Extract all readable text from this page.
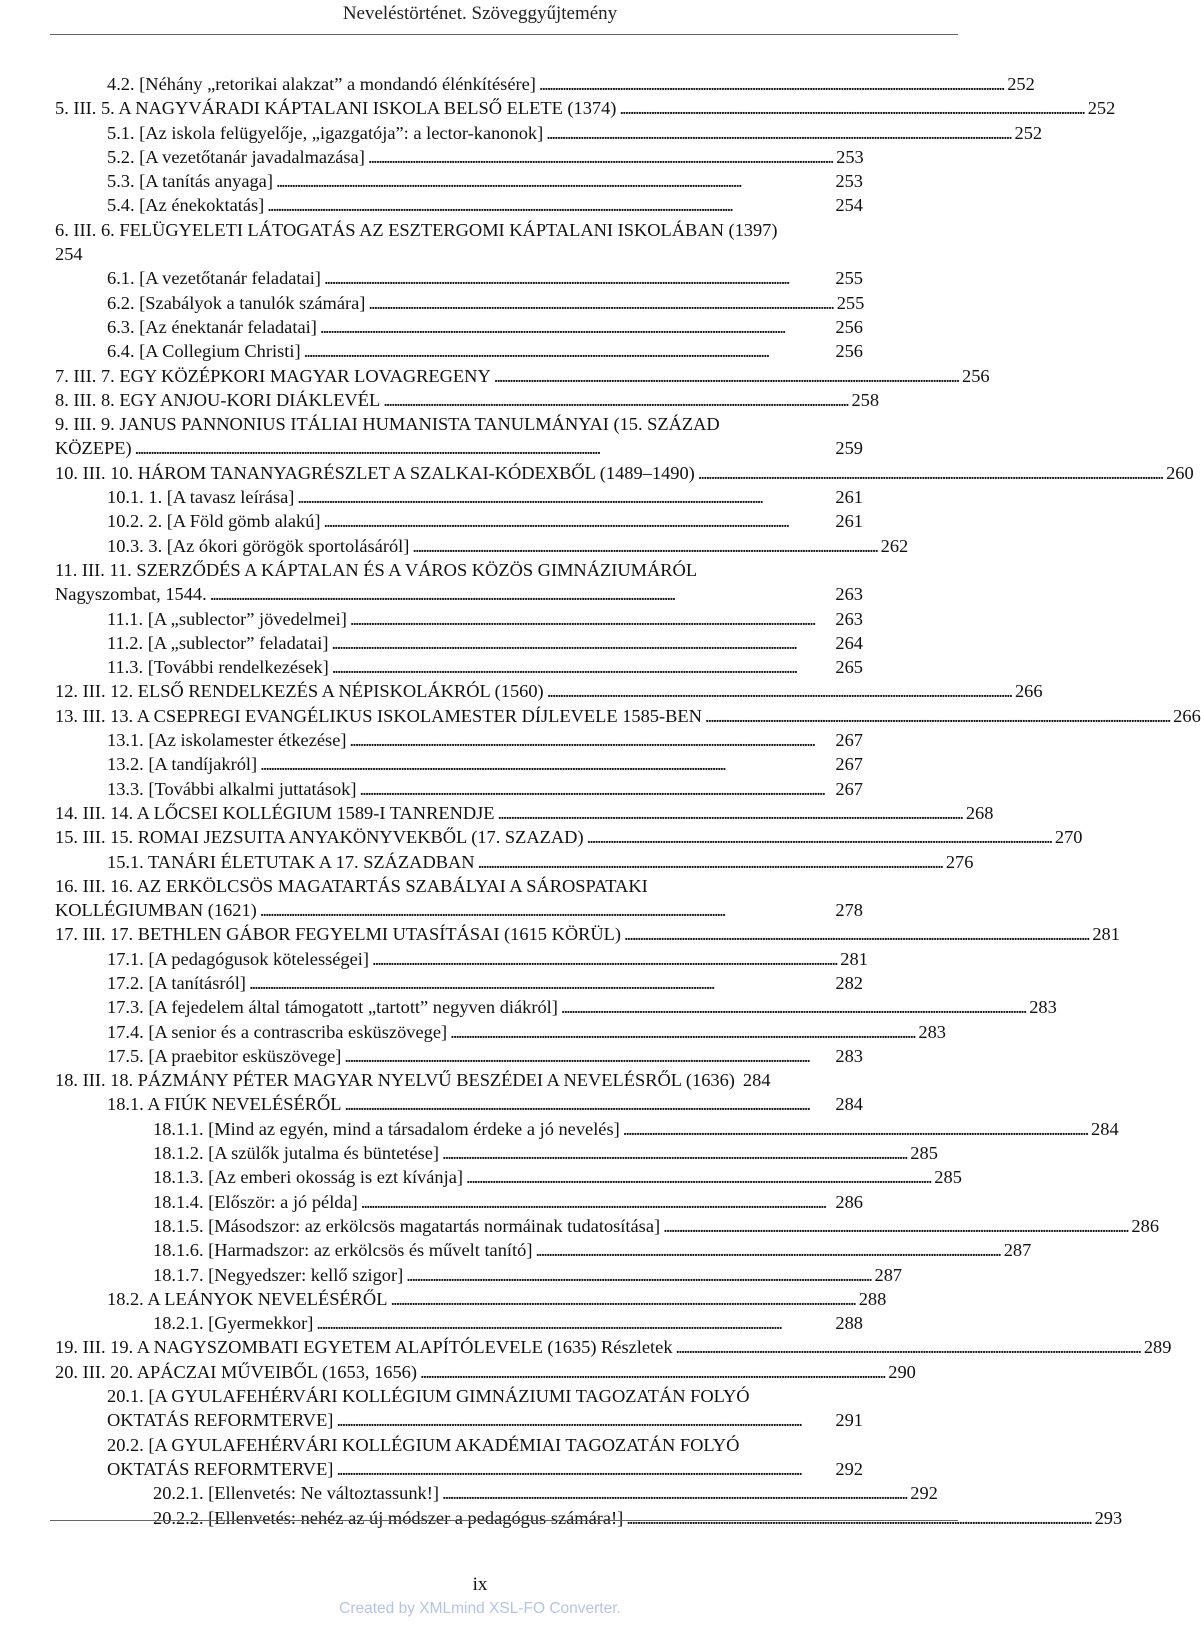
Neveléstörténet. Szöveggyűjtemény
4.2. [Néhány „retorikai alakzat” a mondandó élénkítésére] . . .	252
5. III. 5. A NAGYVÁRADI KÁPTALANI ISKOLA BELSŐ ELETE (1374) . . .	252
5.1. [Az iskola felügyelője, „igazgatója”: a lector-kanonok] . . .	252
5.2. [A vezetőtanár javadalmazása] . . .	253
5.3. [A tanítás anyaga] . . .	253
5.4. [Az énekoktatás] . . .	254
6. III. 6. FELÜGYELETI LÁTOGATÁS AZ ESZTERGOMI KÁPTALANI ISKOLÁBAN (1397)
254
6.1. [A vezetőtanár feladatai] . . .	255
6.2. [Szabályok a tanulók számára] . . .	255
6.3. [Az énektanár feladatai] . . .	256
6.4. [A Collegium Christi] . . .	256
7. III. 7. EGY KÖZÉPKORI MAGYAR LOVAGREGENY . . .	256
8. III. 8. EGY ANJOU-KORI DIÁKLEVÉL . . .	258
9. III. 9. JANUS PANNONIUS ITÁLIAI HUMANISTA TANULMÁNYAI (15. SZÁZAD
KÖZEPE) . . .	259
10. III. 10. HÁROM TANANYAGRÉSZLET A SZALKAI-KÓDEXBŐL (1489–1490) . . .	260
10.1. 1. [A tavasz leírása] . . .	261
10.2. 2. [A Föld gömb alakú] . . .	261
10.3. 3. [Az ókori görögök sportolásáról] . . .	262
11. III. 11. SZERZŐDÉS A KÁPTALAN ÉS A VÁROS KÖZÖS GIMNÁZIUMÁRÓL
Nagyszombat, 1544. . . .	263
11.1. [A „sublector” jövedelmei] . . .	263
11.2. [A „sublector” feladatai] . . .	264
11.3. [További rendelkezések] . . .	265
12. III. 12. ELSŐ RENDELKEZÉS A NÉPISKOLÁKRÓL (1560) . . .	266
13. III. 13. A CSEPREGI EVANGÉLIKUS ISKOLAMESTER DÍJLEVELE 1585-BEN . . .	266
13.1. [Az iskolamester étkezése] . . .	267
13.2. [A tandíjakról] . . .	267
13.3. [További alkalmi juttatások] . . .	267
14. III. 14. A LŐCSEI KOLLÉGIUM 1589-I TANRENDJE . . .	268
15. III. 15. ROMAI JEZSUITA ANYAKÖNYVEKBŐL (17. SZAZAD) . . .	270
15.1. TANÁRI ÉLETUTAK A 17. SZÁZADBAN . . .	276
16. III. 16. AZ ERKÖLCSÖS MAGATARTÁS SZABÁLYAI A SÁROSPATAKI
KOLLÉGIUMBAN (1621) . . .	278
17. III. 17. BETHLEN GÁBOR FEGYELMI UTASÍTÁSAI (1615 KÖRÜL) . . .	281
17.1. [A pedagógusok kötelességei] . . .	281
17.2. [A tanításról] . . .	282
17.3. [A fejedelem által támogatott „tartott” negyven diákról] . . .	283
17.4. [A senior és a contrascriba esküszövege] . . .	283
17.5. [A praebitor esküszövege] . . .	283
18. III. 18. PÁZMÁNY PÉTER MAGYAR NYELVŰ BESZÉDEI A NEVELÉSRŐL (1636) 284
18.1. A FIÚK NEVELÉSÉRŐL . . .	284
18.1.1. [Mind az egyén, mind a társadalom érdeke a jó nevelés] . . .	284
18.1.2. [A szülők jutalma és büntetése] . . .	285
18.1.3. [Az emberi okosság is ezt kívánja] . . .	285
18.1.4. [Először: a jó példa] . . .	286
18.1.5. [Másodszor: az erkölcsös magatartás normáinak tudatosítása] . . .	286
18.1.6. [Harmadszor: az erkölcsös és művelt tanító] . . .	287
18.1.7. [Negyedszer: kellő szigor] . . .	287
18.2. A LEÁNYOK NEVELÉSÉRŐL . . .	288
18.2.1. [Gyermekkor] . . .	288
19. III. 19. A NAGYSZOMBATI EGYETEM ALAPÍTÓLEVELE (1635) Részletek . . .	289
20. III. 20. APÁCZAI MŰVEIBŐL (1653, 1656) . . .	290
20.1. [A GYULAFEHÉRVÁRI KOLLÉGIUM GIMNÁZIUMI TAGOZATÁN FOLYÓ
OKTATÁS REFORMTERVE] . . .	291
20.2. [A GYULAFEHÉRVÁRI KOLLÉGIUM AKADÉMIAI TAGOZATÁN FOLYÓ
OKTATÁS REFORMTERVE] . . .	292
20.2.1. [Ellenvetés: Ne változtassunk!] . . .	292
20.2.2. [Ellenvetés: nehéz az új módszer a pedagógus számára!] . . .	293
ix
Created by XMLmind XSL-FO Converter.
